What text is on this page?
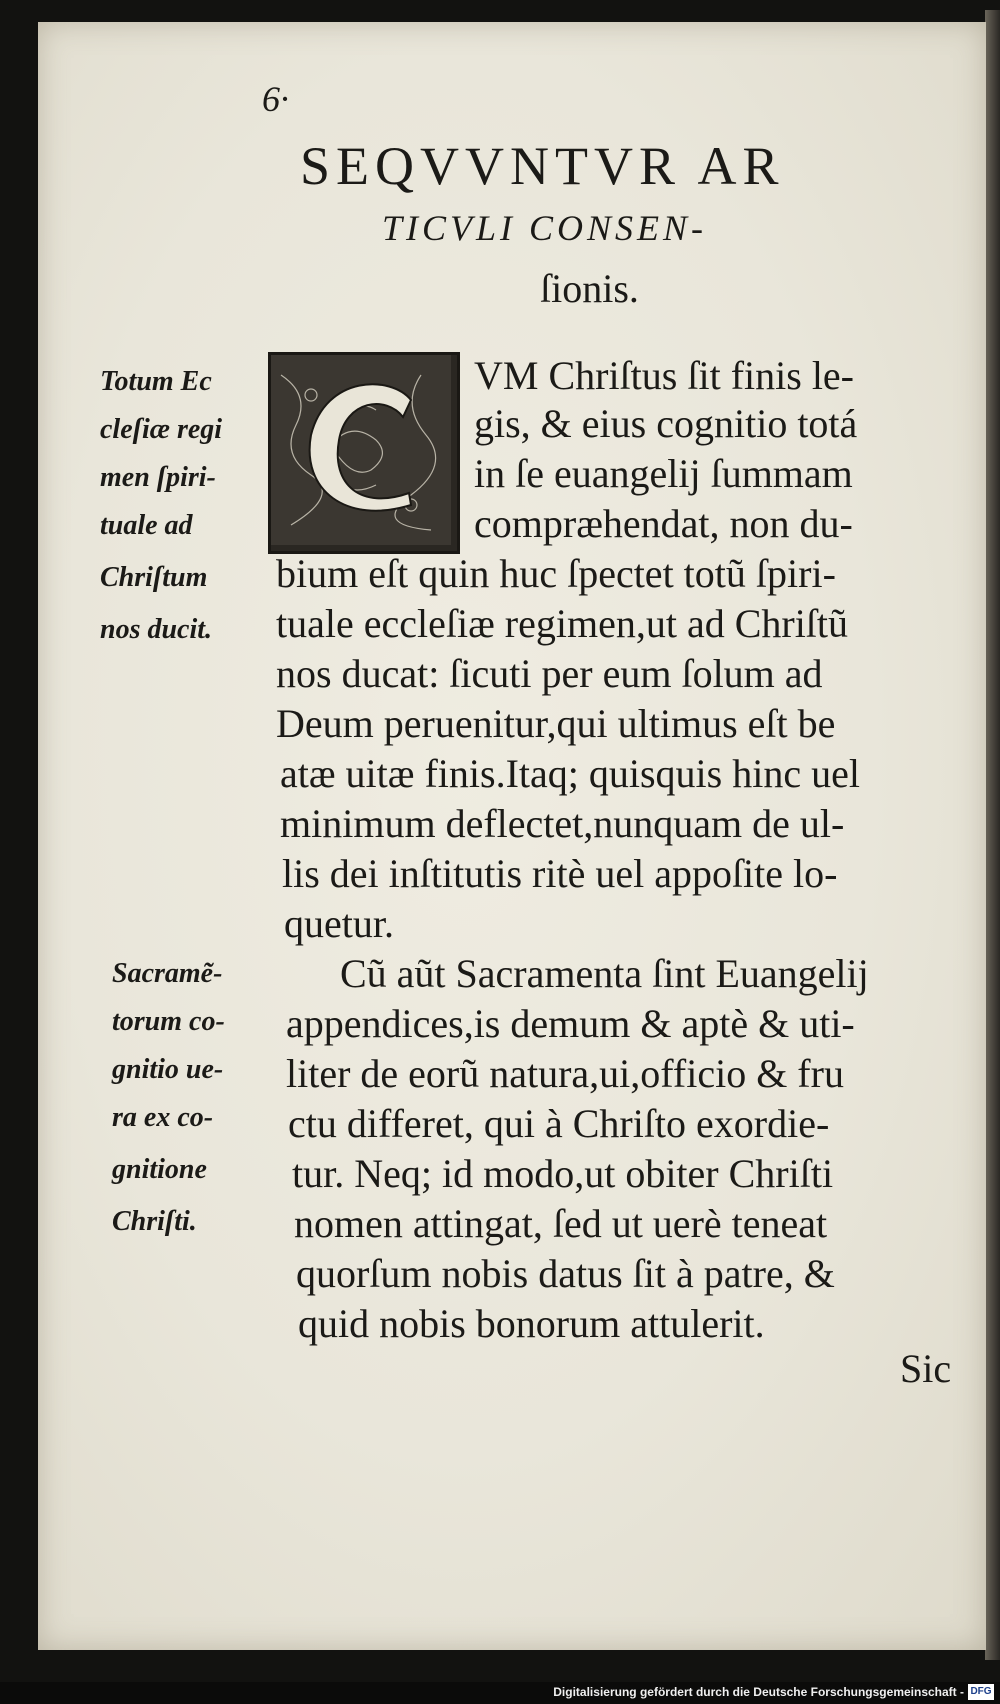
6·
SEQVVNTVR AR
TICVLI CONSEN-
ſionis.
VM Chriſtus ſit finis le-
gis, & eius cognitio totá
in ſe euangelij ſummam
compræhendat, non du-
bium eſt quin huc ſpectet totũ ſpiri-
tuale eccleſiæ regimen,ut ad Chriſtũ
nos ducat: ſicuti per eum ſolum ad
Deum peruenitur,qui ultimus eſt be
atæ uitæ finis.Itaq; quisquis hinc uel
minimum deflectet,nunquam de ul-
lis dei inſtitutis ritè uel appoſite lo-
quetur.
Cũ aũt Sacramenta ſint Euangelij
appendices,is demum & aptè & uti-
liter de eorũ natura,ui,officio & fru
ctu differet, qui à Chriſto exordie-
tur. Neq; id modo,ut obiter Chriſti
nomen attingat, ſed ut uerè teneat
quorſum nobis datus ſit à patre, &
quid nobis bonorum attulerit.
Sic
Totum Ec
cleſiæ regi
men ſpiri-
tuale ad
Chriſtum
nos ducit.
Sacramẽ-
torum co-
gnitio ue-
ra ex co-
gnitione
Chriſti.
Digitalisierung gefördert durch die Deutsche Forschungsgemeinschaft - DFG
